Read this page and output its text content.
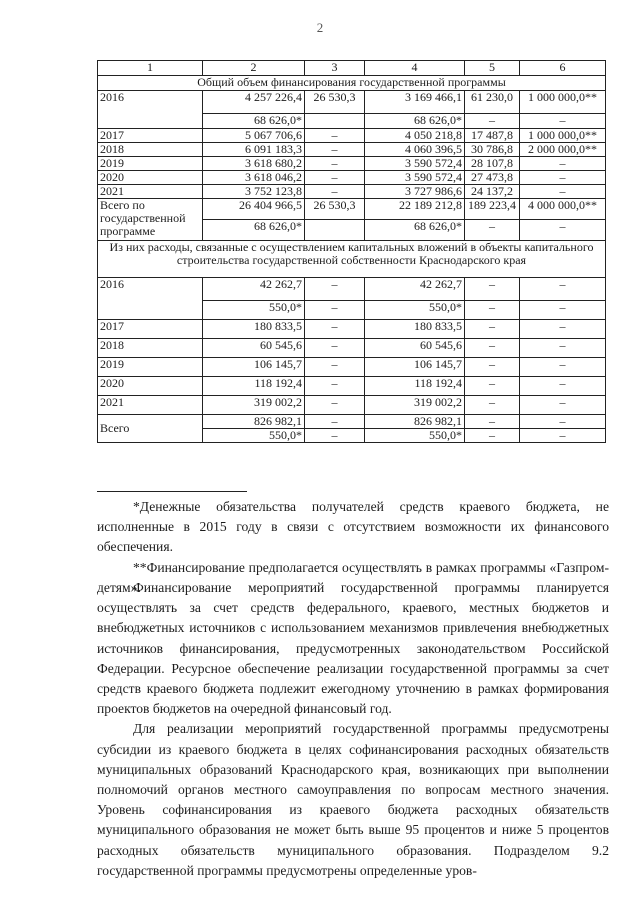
2
1	2	3	4	5	6
Общий объем финансирования государственной программы					
2016	4 257 226,4	26 530,3	3 169 466,1	61 230,0	1 000 000,0**
	68 626,0*		68 626,0*	–	–
2017	5 067 706,6	–	4 050 218,8	17 487,8	1 000 000,0**
2018	6 091 183,3	–	4 060 396,5	30 786,8	2 000 000,0**
2019	3 618 680,2	–	3 590 572,4	28 107,8	–
2020	3 618 046,2	–	3 590 572,4	27 473,8	–
2021	3 752 123,8	–	3 727 986,6	24 137,2	–
Всего по государственной программе	26 404 966,5	26 530,3	22 189 212,8	189 223,4	4 000 000,0**
	68 626,0*		68 626,0*	–	–
Из них расходы, связанные с осуществлением капитальных вложений в объекты капитального строительства государственной собственности Краснодарского края					
2016	42 262,7	–	42 262,7	–	–
	550,0*	–	550,0*	–	–
2017	180 833,5	–	180 833,5	–	–
2018	60 545,6	–	60 545,6	–	–
2019	106 145,7	–	106 145,7	–	–
2020	118 192,4	–	118 192,4	–	–
2021	319 002,2	–	319 002,2	–	–
Всего	826 982,1	–	826 982,1	–	–
	550,0*	–	550,0*	–	–

*Денежные обязательства получателей средств краевого бюджета, не исполненные в 2015 году в связи с отсутствием возможности их финансового обеспечения.

**Финансирование предполагается осуществлять в рамках программы «Газпром-детям».

Финансирование мероприятий государственной программы планируется осуществлять за счет средств федерального, краевого, местных бюджетов и внебюджетных источников с использованием механизмов привлечения внебюджетных источников финансирования, предусмотренных законодательством Российской Федерации. Ресурсное обеспечение реализации государственной программы за счет средств краевого бюджета подлежит ежегодному уточнению в рамках формирования проектов бюджетов на очередной финансовый год.

Для реализации мероприятий государственной программы предусмотрены субсидии из краевого бюджета в целях софинансирования расходных обязательств муниципальных образований Краснодарского края, возникающих при выполнении полномочий органов местного самоуправления по вопросам местного значения. Уровень софинансирования из краевого бюджета расходных обязательств муниципального образования не может быть выше 95 процентов и ниже 5 процентов расходных обязательств муниципального образования. Подразделом 9.2 государственной программы предусмотрены определенные уров-
